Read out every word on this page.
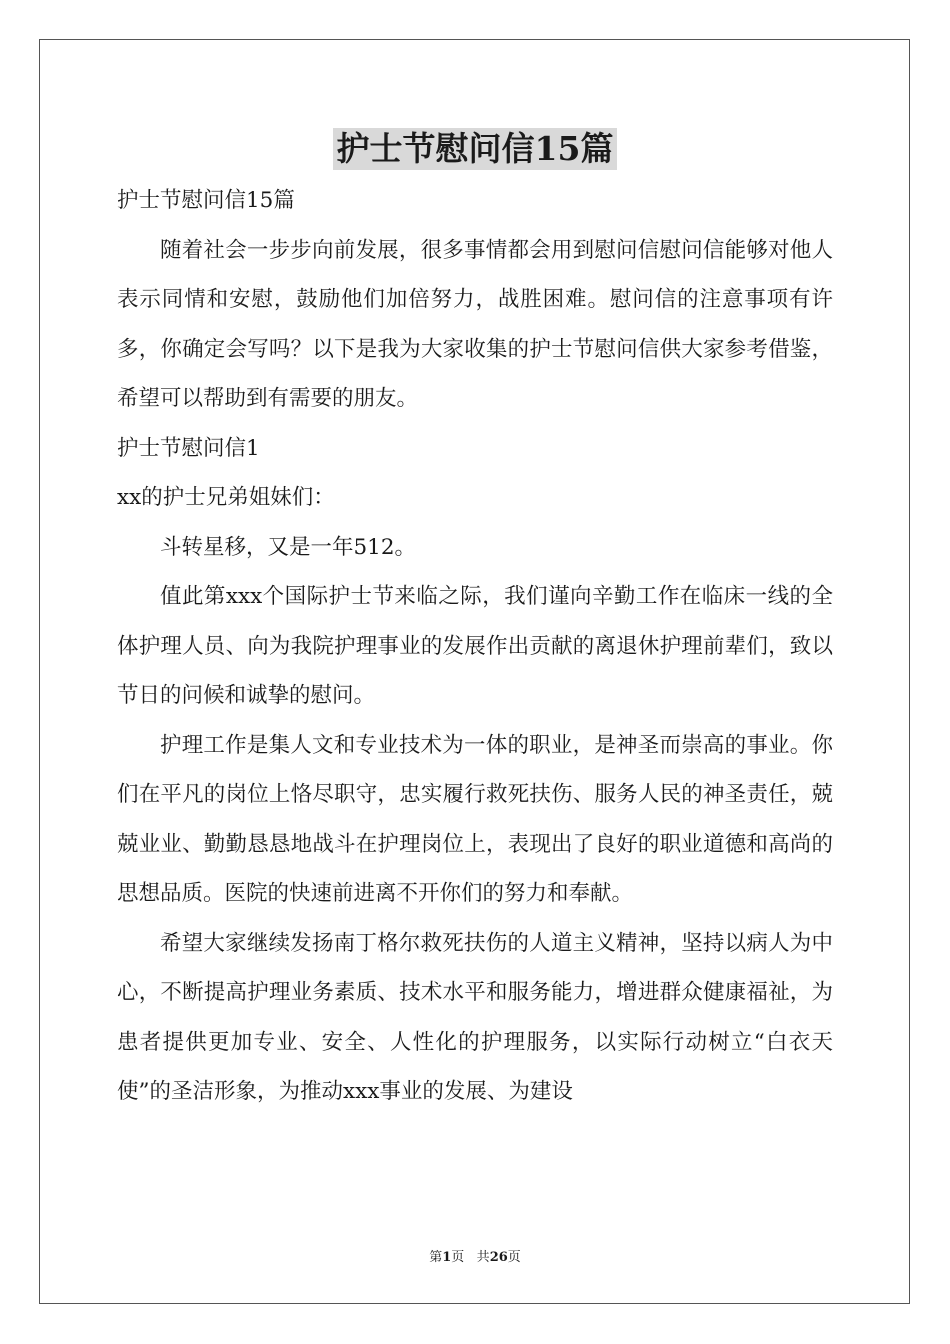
护士节慰问信15篇

护士节慰问信15篇

随着社会一步步向前发展，很多事情都会用到慰问信慰问信能够对他人表示同情和安慰，鼓励他们加倍努力，战胜困难。慰问信的注意事项有许多，你确定会写吗？以下是我为大家收集的护士节慰问信供大家参考借鉴，希望可以帮助到有需要的朋友。

护士节慰问信1

xx的护士兄弟姐妹们：

斗转星移，又是一年512。

值此第xxx个国际护士节来临之际，我们谨向辛勤工作在临床一线的全体护理人员、向为我院护理事业的发展作出贡献的离退休护理前辈们，致以节日的问候和诚挚的慰问。

护理工作是集人文和专业技术为一体的职业，是神圣而崇高的事业。你们在平凡的岗位上恪尽职守，忠实履行救死扶伤、服务人民的神圣责任，兢兢业业、勤勤恳恳地战斗在护理岗位上，表现出了良好的职业道德和高尚的思想品质。医院的快速前进离不开你们的努力和奉献。

希望大家继续发扬南丁格尔救死扶伤的人道主义精神，坚持以病人为中心，不断提高护理业务素质、技术水平和服务能力，增进群众健康福祉，为患者提供更加专业、安全、人性化的护理服务，以实际行动树立“白衣天使”的圣洁形象，为推动xxx事业的发展、为建设

第1页 共26页
